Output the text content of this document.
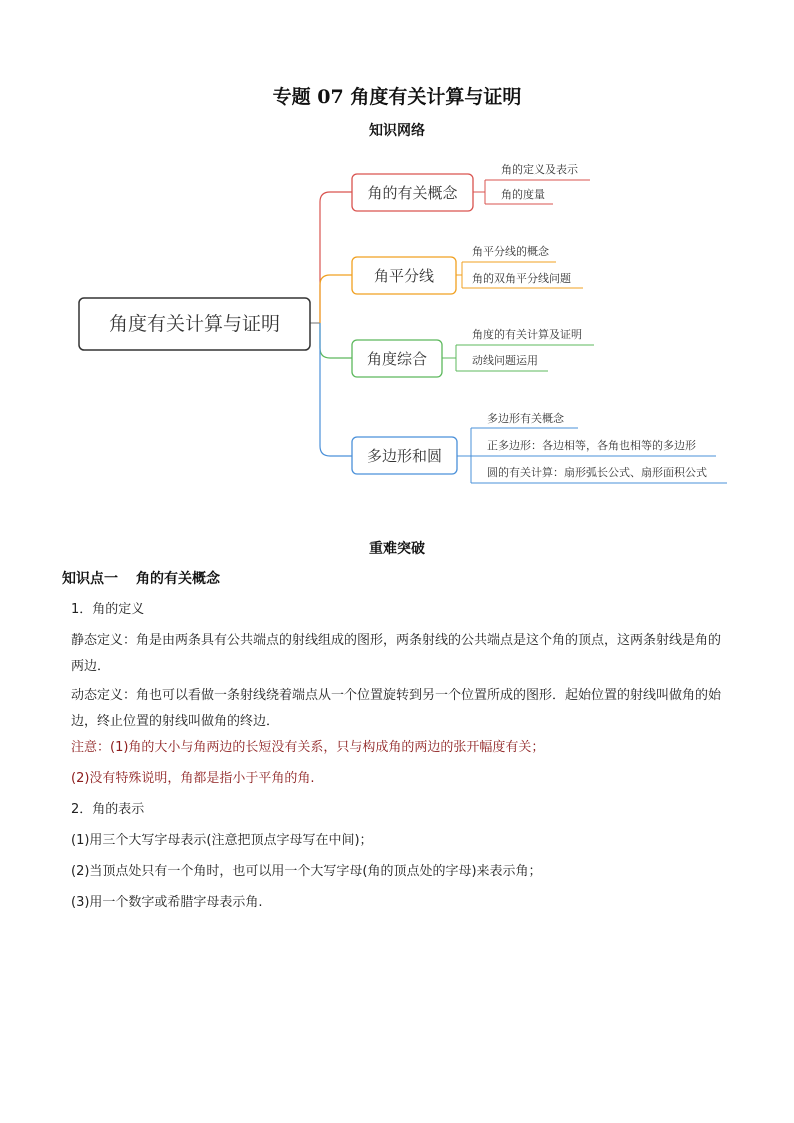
专题 07 角度有关计算与证明
知识网络
角度有关计算与证明
角的有关概念
角的定义及表示
角的度量
角平分线
角平分线的概念
角的双角平分线问题
角度综合
角度的有关计算及证明
动线问题运用
多边形和圆
多边形有关概念
正多边形：各边相等，各角也相等的多边形
圆的有关计算：扇形弧长公式、扇形面积公式
重难突破
知识点一 角的有关概念
1．角的定义
静态定义：角是由两条具有公共端点的射线组成的图形，两条射线的公共端点是这个角的顶点，这两条射线是角的两边．
动态定义：角也可以看做一条射线绕着端点从一个位置旋转到另一个位置所成的图形．起始位置的射线叫做角的始边，终止位置的射线叫做角的终边．
注意：(1)角的大小与角两边的长短没有关系，只与构成角的两边的张开幅度有关；
(2)没有特殊说明，角都是指小于平角的角.
2．角的表示
(1)用三个大写字母表示(注意把顶点字母写在中间)；
(2)当顶点处只有一个角时，也可以用一个大写字母(角的顶点处的字母)来表示角；
(3)用一个数字或希腊字母表示角.
